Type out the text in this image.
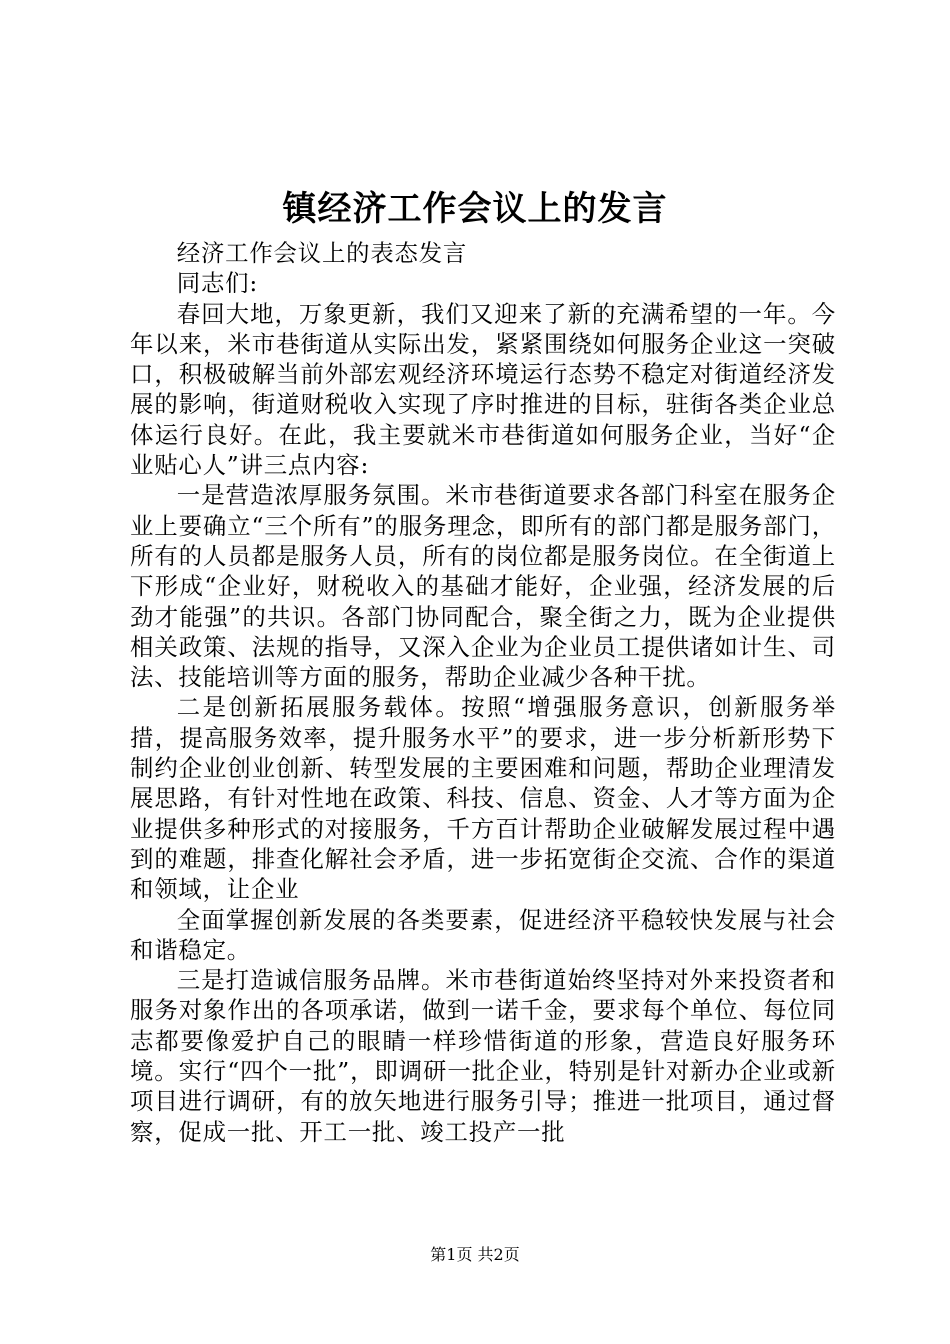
镇经济工作会议上的发言

经济工作会议上的表态发言

同志们:

春回大地，万象更新，我们又迎来了新的充满希望的一年。今年以来，米市巷街道从实际出发，紧紧围绕如何服务企业这一突破口，积极破解当前外部宏观经济环境运行态势不稳定对街道经济发展的影响，街道财税收入实现了序时推进的目标，驻街各类企业总体运行良好。在此，我主要就米市巷街道如何服务企业，当好“企业贴心人”讲三点内容:

一是营造浓厚服务氛围。米市巷街道要求各部门科室在服务企业上要确立“三个所有”的服务理念，即所有的部门都是服务部门，所有的人员都是服务人员，所有的岗位都是服务岗位。在全街道上下形成“企业好，财税收入的基础才能好，企业强，经济发展的后劲才能强”的共识。各部门协同配合，聚全街之力，既为企业提供相关政策、法规的指导，又深入企业为企业员工提供诸如计生、司法、技能培训等方面的服务，帮助企业减少各种干扰。

二是创新拓展服务载体。按照“增强服务意识，创新服务举措，提高服务效率，提升服务水平”的要求，进一步分析新形势下制约企业创业创新、转型发展的主要困难和问题，帮助企业理清发展思路，有针对性地在政策、科技、信息、资金、人才等方面为企业提供多种形式的对接服务，千方百计帮助企业破解发展过程中遇到的难题，排查化解社会矛盾，进一步拓宽街企交流、合作的渠道和领域，让企业

全面掌握创新发展的各类要素，促进经济平稳较快发展与社会和谐稳定。

三是打造诚信服务品牌。米市巷街道始终坚持对外来投资者和服务对象作出的各项承诺，做到一诺千金，要求每个单位、每位同志都要像爱护自己的眼睛一样珍惜街道的形象，营造良好服务环境。实行“四个一批”，即调研一批企业，特别是针对新办企业或新项目进行调研，有的放矢地进行服务引导；推进一批项目，通过督察，促成一批、开工一批、竣工投产一批

第1页 共2页
